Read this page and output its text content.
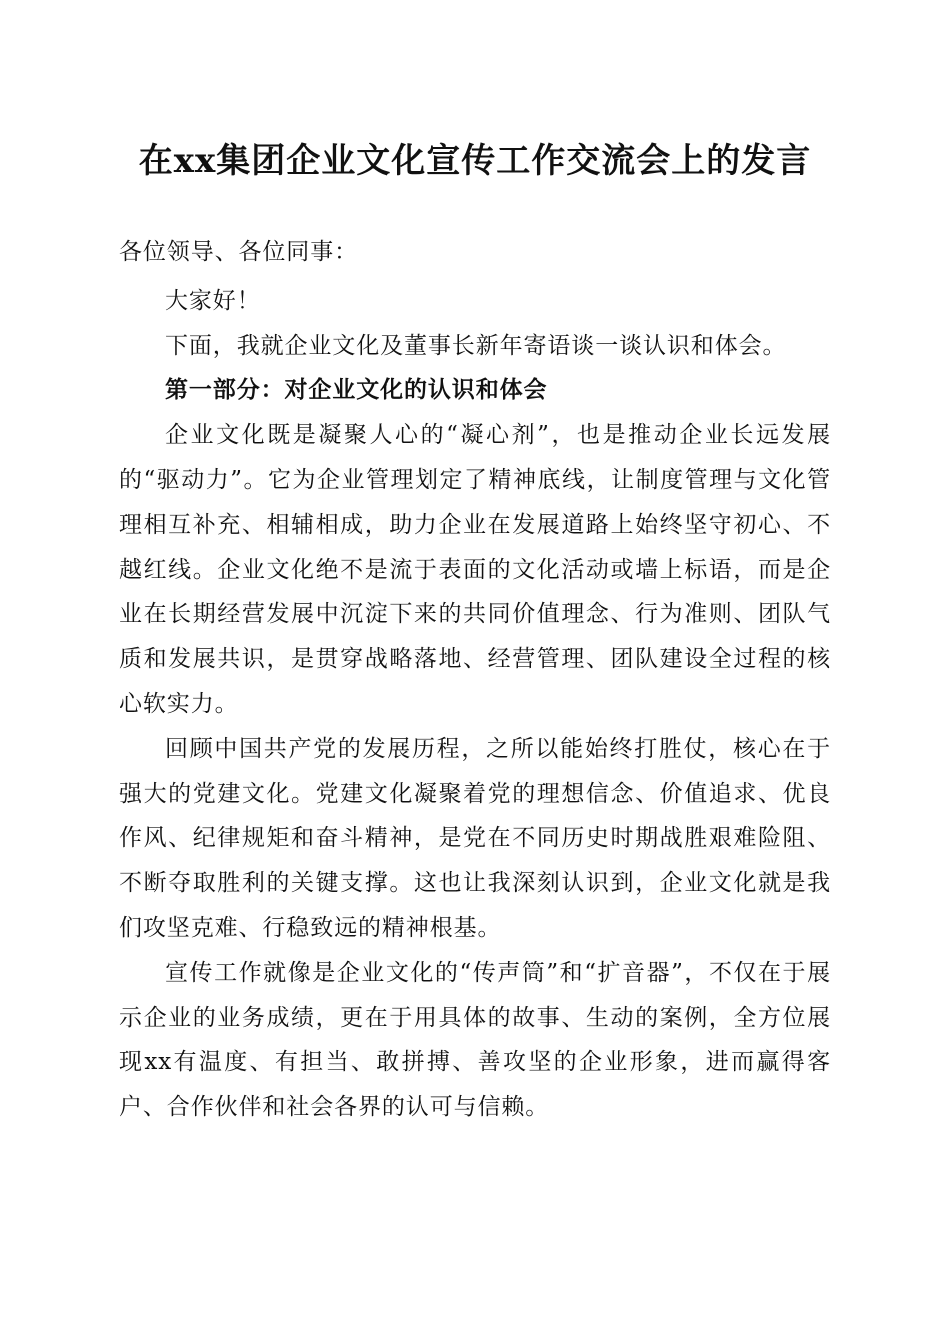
在xx集团企业文化宣传工作交流会上的发言

各位领导、各位同事：

大家好！

下面，我就企业文化及董事长新年寄语谈一谈认识和体会。

第一部分：对企业文化的认识和体会

企业文化既是凝聚人心的“凝心剂”，也是推动企业长远发展的“驱动力”。它为企业管理划定了精神底线，让制度管理与文化管理相互补充、相辅相成，助力企业在发展道路上始终坚守初心、不越红线。企业文化绝不是流于表面的文化活动或墙上标语，而是企业在长期经营发展中沉淀下来的共同价值理念、行为准则、团队气质和发展共识，是贯穿战略落地、经营管理、团队建设全过程的核心软实力。

回顾中国共产党的发展历程，之所以能始终打胜仗，核心在于强大的党建文化。党建文化凝聚着党的理想信念、价值追求、优良作风、纪律规矩和奋斗精神，是党在不同历史时期战胜艰难险阻、不断夺取胜利的关键支撑。这也让我深刻认识到，企业文化就是我们攻坚克难、行稳致远的精神根基。

宣传工作就像是企业文化的“传声筒”和“扩音器”，不仅在于展示企业的业务成绩，更在于用具体的故事、生动的案例，全方位展现xx有温度、有担当、敢拼搏、善攻坚的企业形象，进而赢得客户、合作伙伴和社会各界的认可与信赖。
